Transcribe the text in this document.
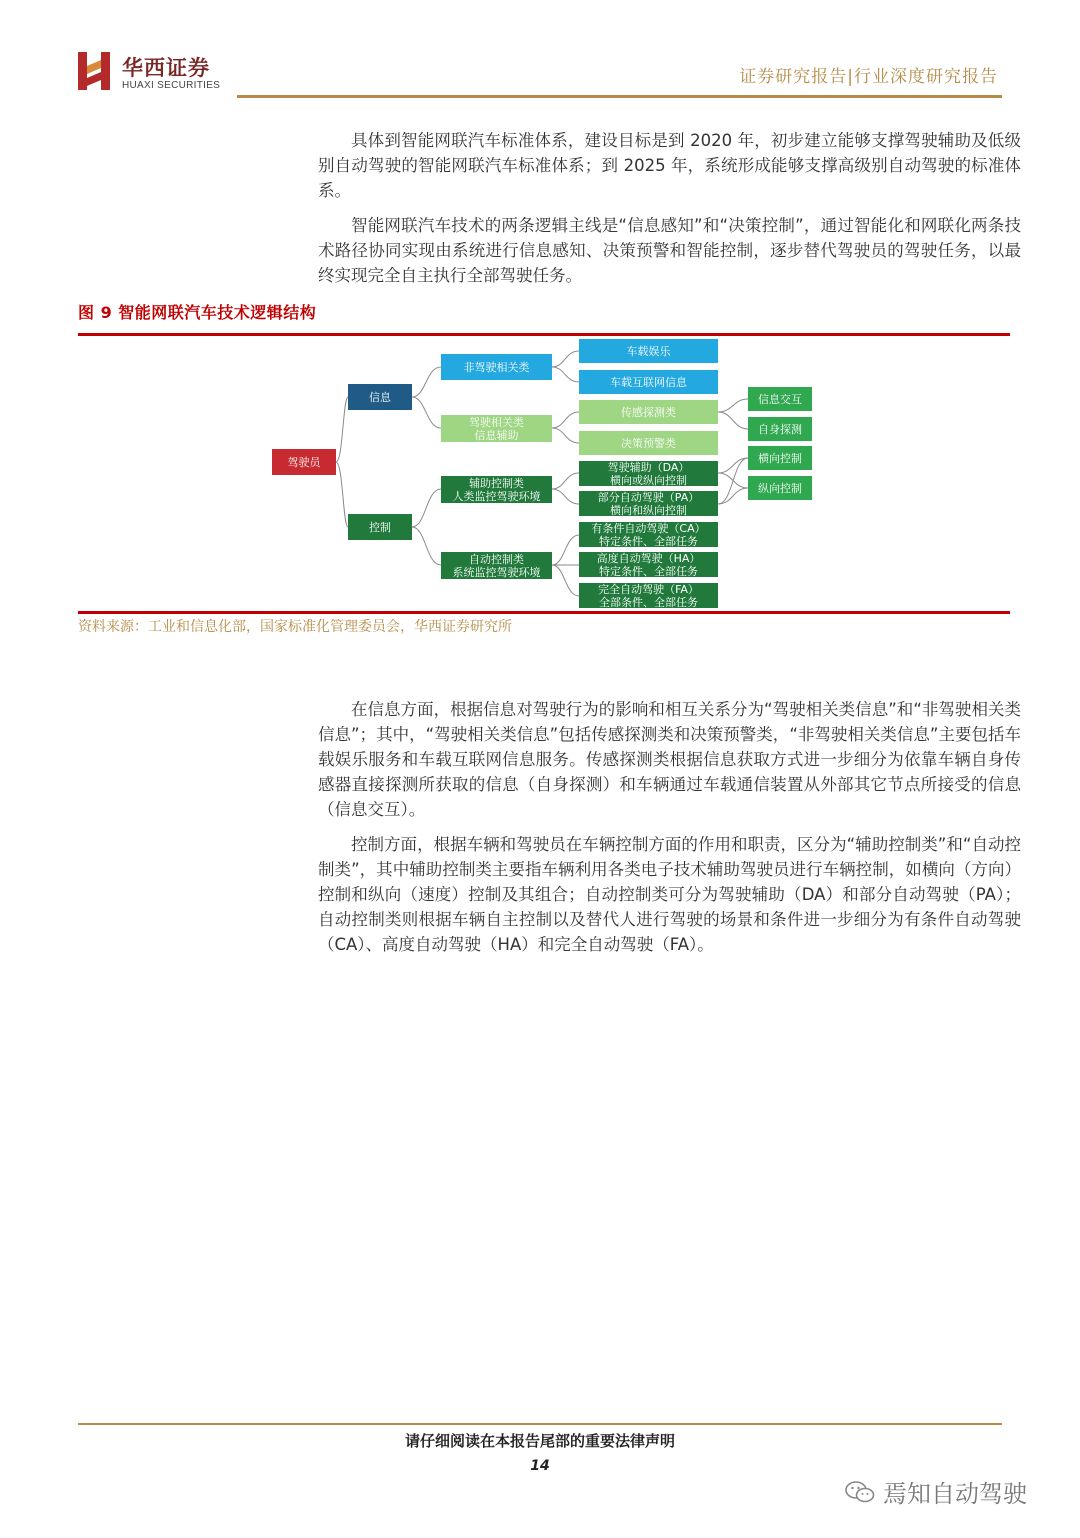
华西证券
HUAXI SECURITIES	证券研究报告|行业深度研究报告
具体到智能网联汽车标准体系，建设目标是到 2020 年，初步建立能够支撑驾驶辅助及低级别自动驾驶的智能网联汽车标准体系；到 2025 年，系统形成能够支撑高级别自动驾驶的标准体系。
智能网联汽车技术的两条逻辑主线是“信息感知”和“决策控制”，通过智能化和网联化两条技术路径协同实现由系统进行信息感知、决策预警和智能控制，逐步替代驾驶员的驾驶任务，以最终实现完全自主执行全部驾驶任务。
图 9 智能网联汽车技术逻辑结构
驾驶员
信息
控制
非驾驶相关类
驾驶相关类
信息辅助
辅助控制类
人类监控驾驶环境
自动控制类
系统监控驾驶环境
车载娱乐
车载互联网信息
传感探测类
决策预警类
驾驶辅助（DA）
横向或纵向控制
部分自动驾驶（PA）
横向和纵向控制
有条件自动驾驶（CA）
特定条件、全部任务
高度自动驾驶（HA）
特定条件、全部任务
完全自动驾驶（FA）
全部条件、全部任务
信息交互
自身探测
横向控制
纵向控制
资料来源：工业和信息化部，国家标准化管理委员会，华西证券研究所
在信息方面，根据信息对驾驶行为的影响和相互关系分为“驾驶相关类信息”和“非驾驶相关类信息”；其中，“驾驶相关类信息”包括传感探测类和决策预警类，“非驾驶相关类信息”主要包括车载娱乐服务和车载互联网信息服务。传感探测类根据信息获取方式进一步细分为依靠车辆自身传感器直接探测所获取的信息（自身探测）和车辆通过车载通信装置从外部其它节点所接受的信息（信息交互）。
控制方面，根据车辆和驾驶员在车辆控制方面的作用和职责，区分为“辅助控制类”和“自动控制类”，其中辅助控制类主要指车辆利用各类电子技术辅助驾驶员进行车辆控制，如横向（方向）控制和纵向（速度）控制及其组合；自动控制类可分为驾驶辅助（DA）和部分自动驾驶（PA）；自动控制类则根据车辆自主控制以及替代人进行驾驶的场景和条件进一步细分为有条件自动驾驶（CA）、高度自动驾驶（HA）和完全自动驾驶（FA）。
请仔细阅读在本报告尾部的重要法律声明
14
焉知自动驾驶
